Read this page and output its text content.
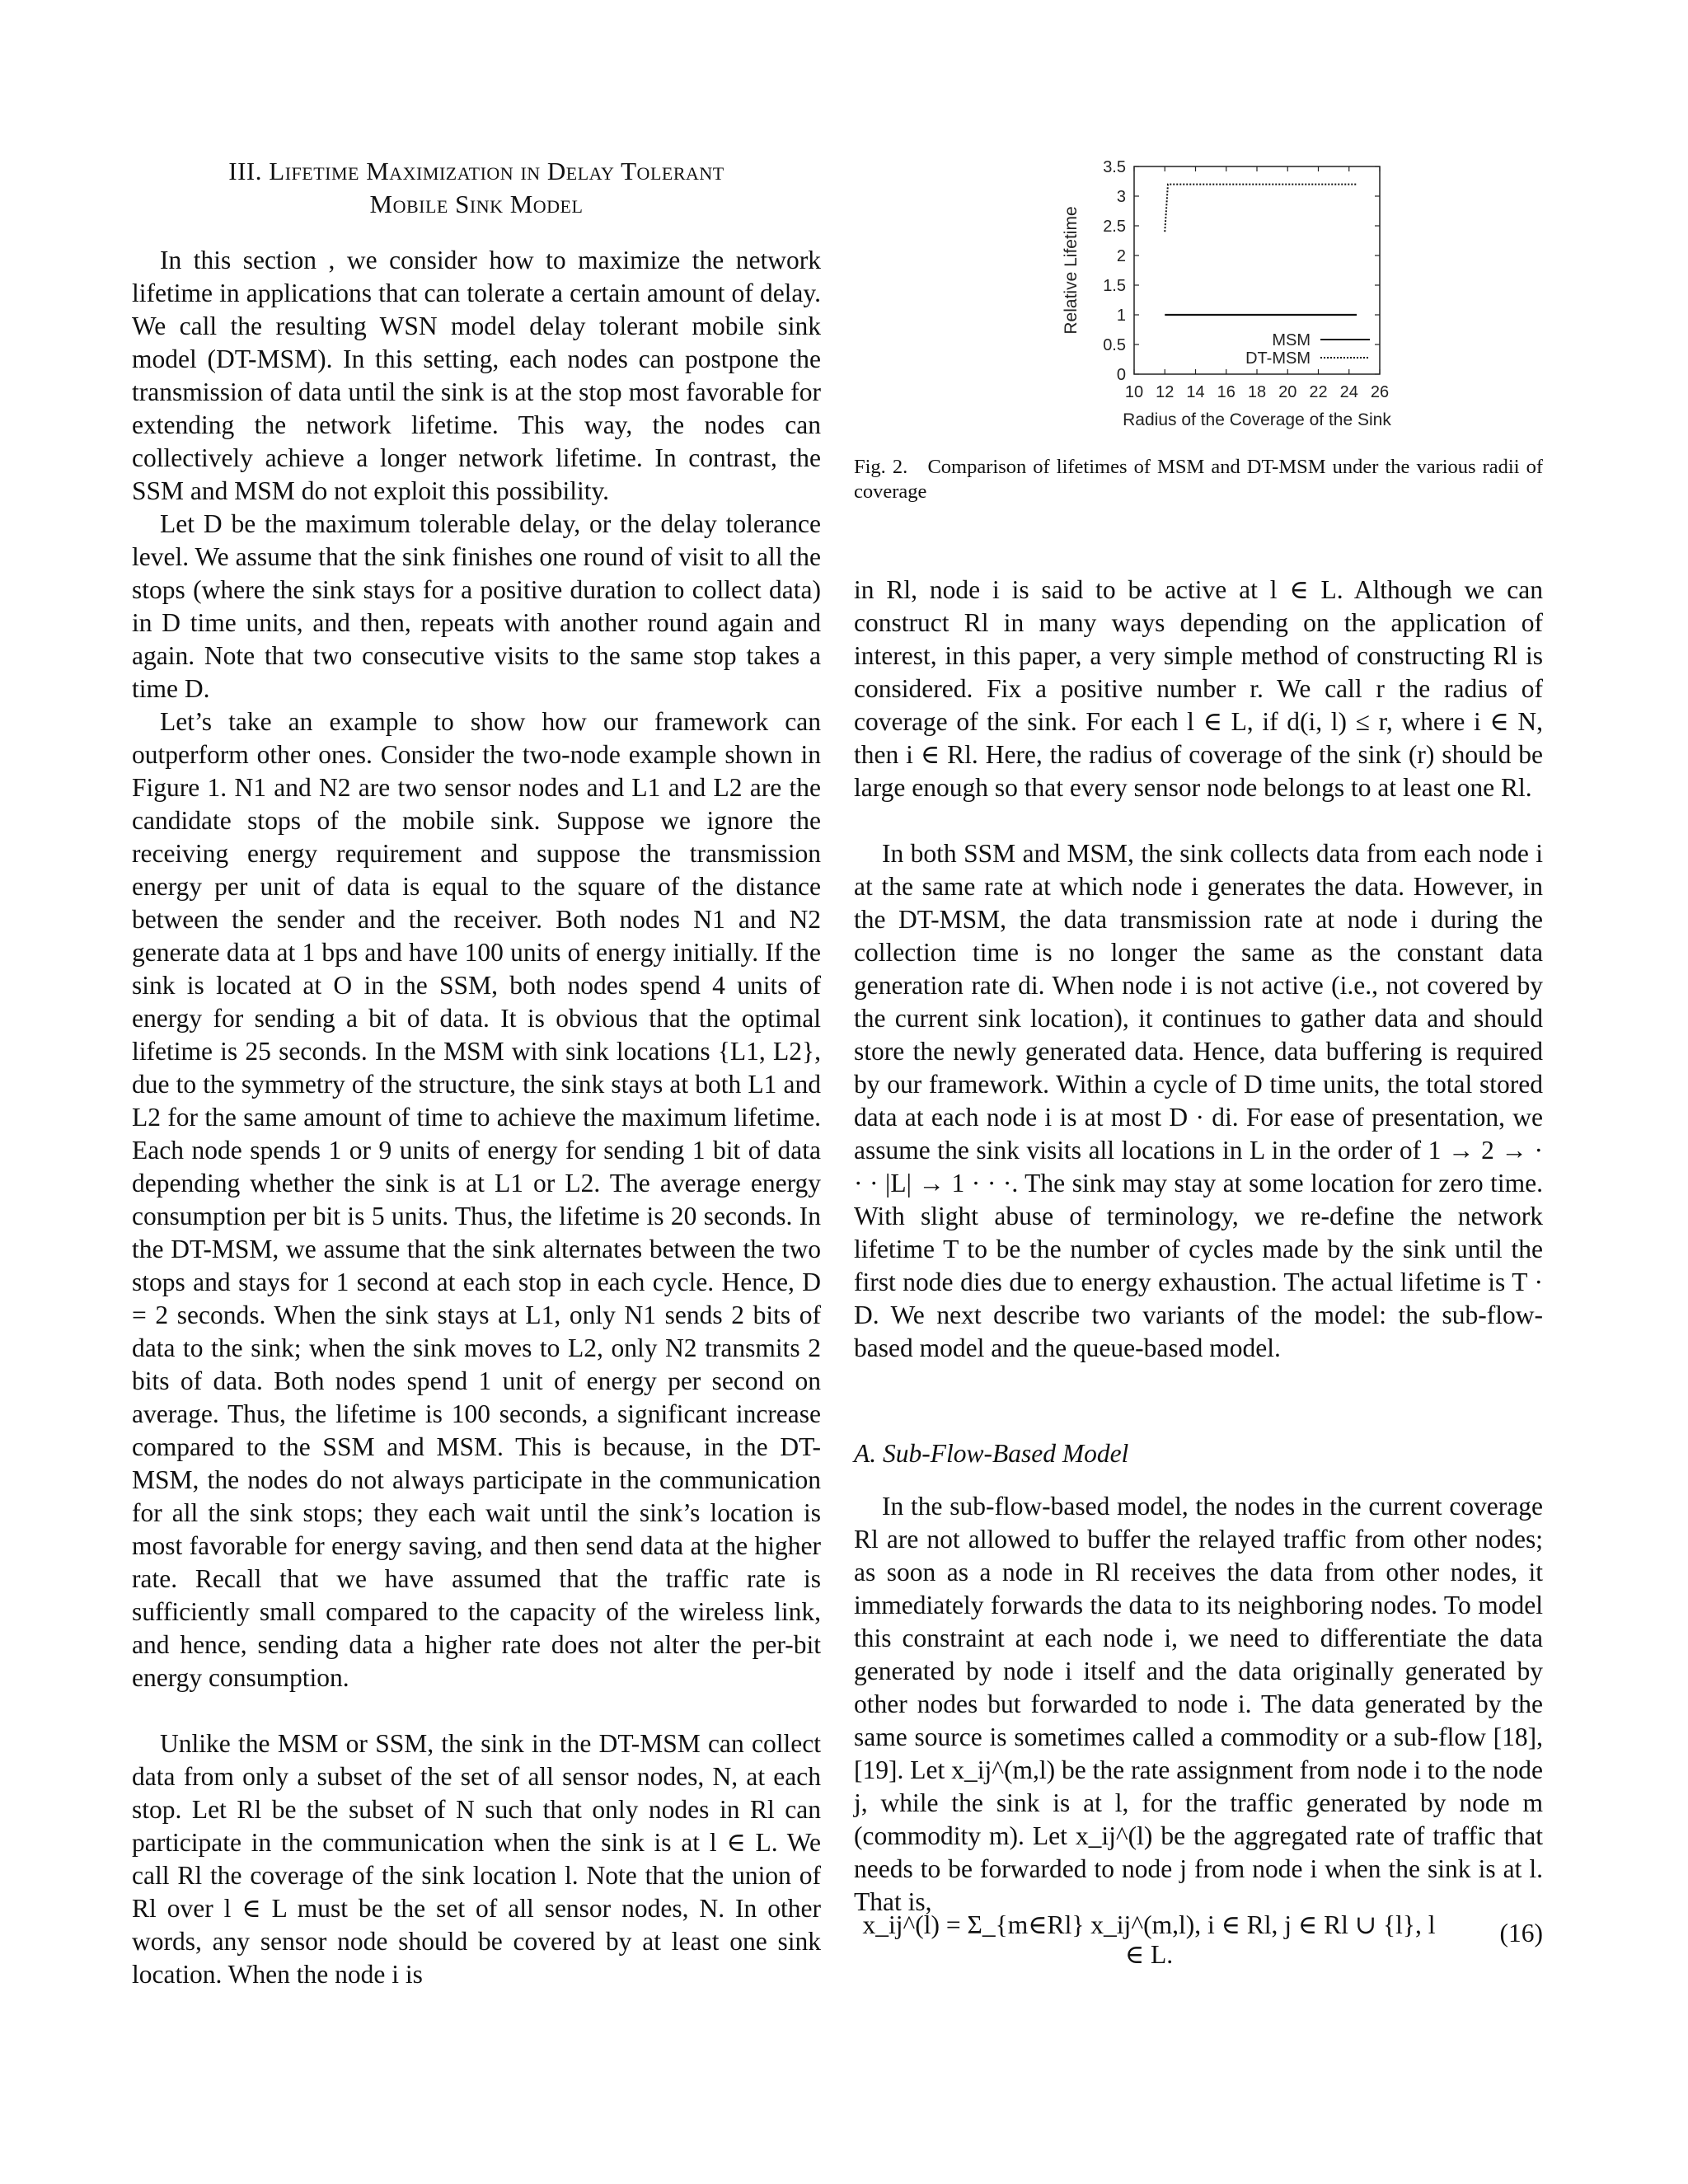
III. Lifetime Maximization in Delay Tolerant
Mobile Sink Model

In this section , we consider how to maximize the network lifetime in applications that can tolerate a certain amount of delay. We call the resulting WSN model delay tolerant mobile sink model (DT-MSM). In this setting, each nodes can postpone the transmission of data until the sink is at the stop most favorable for extending the network lifetime. This way, the nodes can collectively achieve a longer network lifetime. In contrast, the SSM and MSM do not exploit this possibility.

Let D be the maximum tolerable delay, or the delay tolerance level. We assume that the sink finishes one round of visit to all the stops (where the sink stays for a positive duration to collect data) in D time units, and then, repeats with another round again and again. Note that two consecutive visits to the same stop takes a time D.

Let’s take an example to show how our framework can outperform other ones. Consider the two-node example shown in Figure 1. N1 and N2 are two sensor nodes and L1 and L2 are the candidate stops of the mobile sink. Suppose we ignore the receiving energy requirement and suppose the transmission energy per unit of data is equal to the square of the distance between the sender and the receiver. Both nodes N1 and N2 generate data at 1 bps and have 100 units of energy initially. If the sink is located at O in the SSM, both nodes spend 4 units of energy for sending a bit of data. It is obvious that the optimal lifetime is 25 seconds. In the MSM with sink locations {L1, L2}, due to the symmetry of the structure, the sink stays at both L1 and L2 for the same amount of time to achieve the maximum lifetime. Each node spends 1 or 9 units of energy for sending 1 bit of data depending whether the sink is at L1 or L2. The average energy consumption per bit is 5 units. Thus, the lifetime is 20 seconds. In the DT-MSM, we assume that the sink alternates between the two stops and stays for 1 second at each stop in each cycle. Hence, D = 2 seconds. When the sink stays at L1, only N1 sends 2 bits of data to the sink; when the sink moves to L2, only N2 transmits 2 bits of data. Both nodes spend 1 unit of energy per second on average. Thus, the lifetime is 100 seconds, a significant increase compared to the SSM and MSM. This is because, in the DT-MSM, the nodes do not always participate in the communication for all the sink stops; they each wait until the sink’s location is most favorable for energy saving, and then send data at the higher rate. Recall that we have assumed that the traffic rate is sufficiently small compared to the capacity of the wireless link, and hence, sending data a higher rate does not alter the per-bit energy consumption.

Unlike the MSM or SSM, the sink in the DT-MSM can collect data from only a subset of the set of all sensor nodes, N, at each stop. Let Rl be the subset of N such that only nodes in Rl can participate in the communication when the sink is at l ∈ L. We call Rl the coverage of the sink location l. Note that the union of Rl over l ∈ L must be the set of all sensor nodes, N. In other words, any sensor node should be covered by at least one sink location. When the node i is

10 12 14 16 18 20 22 24 26
0
0.5
1
1.5
2
2.5
3
3.5
Radius of the Coverage of the Sink
Relative Lifetime
MSM
DT-MSM
Fig. 2. Comparison of lifetimes of MSM and DT-MSM under the various radii of coverage

in Rl, node i is said to be active at l ∈ L. Although we can construct Rl in many ways depending on the application of interest, in this paper, a very simple method of constructing Rl is considered. Fix a positive number r. We call r the radius of coverage of the sink. For each l ∈ L, if d(i, l) ≤ r, where i ∈ N, then i ∈ Rl. Here, the radius of coverage of the sink (r) should be large enough so that every sensor node belongs to at least one Rl.

In both SSM and MSM, the sink collects data from each node i at the same rate at which node i generates the data. However, in the DT-MSM, the data transmission rate at node i during the collection time is no longer the same as the constant data generation rate di. When node i is not active (i.e., not covered by the current sink location), it continues to gather data and should store the newly generated data. Hence, data buffering is required by our framework. Within a cycle of D time units, the total stored data at each node i is at most D · di. For ease of presentation, we assume the sink visits all locations in L in the order of 1 → 2 → · · · |L| → 1 · · ·. The sink may stay at some location for zero time. With slight abuse of terminology, we re-define the network lifetime T to be the number of cycles made by the sink until the first node dies due to energy exhaustion. The actual lifetime is T · D. We next describe two variants of the model: the sub-flow-based model and the queue-based model.

A. Sub-Flow-Based Model

In the sub-flow-based model, the nodes in the current coverage Rl are not allowed to buffer the relayed traffic from other nodes; as soon as a node in Rl receives the data from other nodes, it immediately forwards the data to its neighboring nodes. To model this constraint at each node i, we need to differentiate the data generated by node i itself and the data originally generated by other nodes but forwarded to node i. The data generated by the same source is sometimes called a commodity or a sub-flow [18], [19]. Let x_ij^(m,l) be the rate assignment from node i to the node j, while the sink is at l, for the traffic generated by node m (commodity m). Let x_ij^(l) be the aggregated rate of traffic that needs to be forwarded to node j from node i when the sink is at l. That is,

x_ij^(l) = Σ_{m∈Rl} x_ij^(m,l), i ∈ Rl, j ∈ Rl ∪ {l}, l ∈ L.
(16)
